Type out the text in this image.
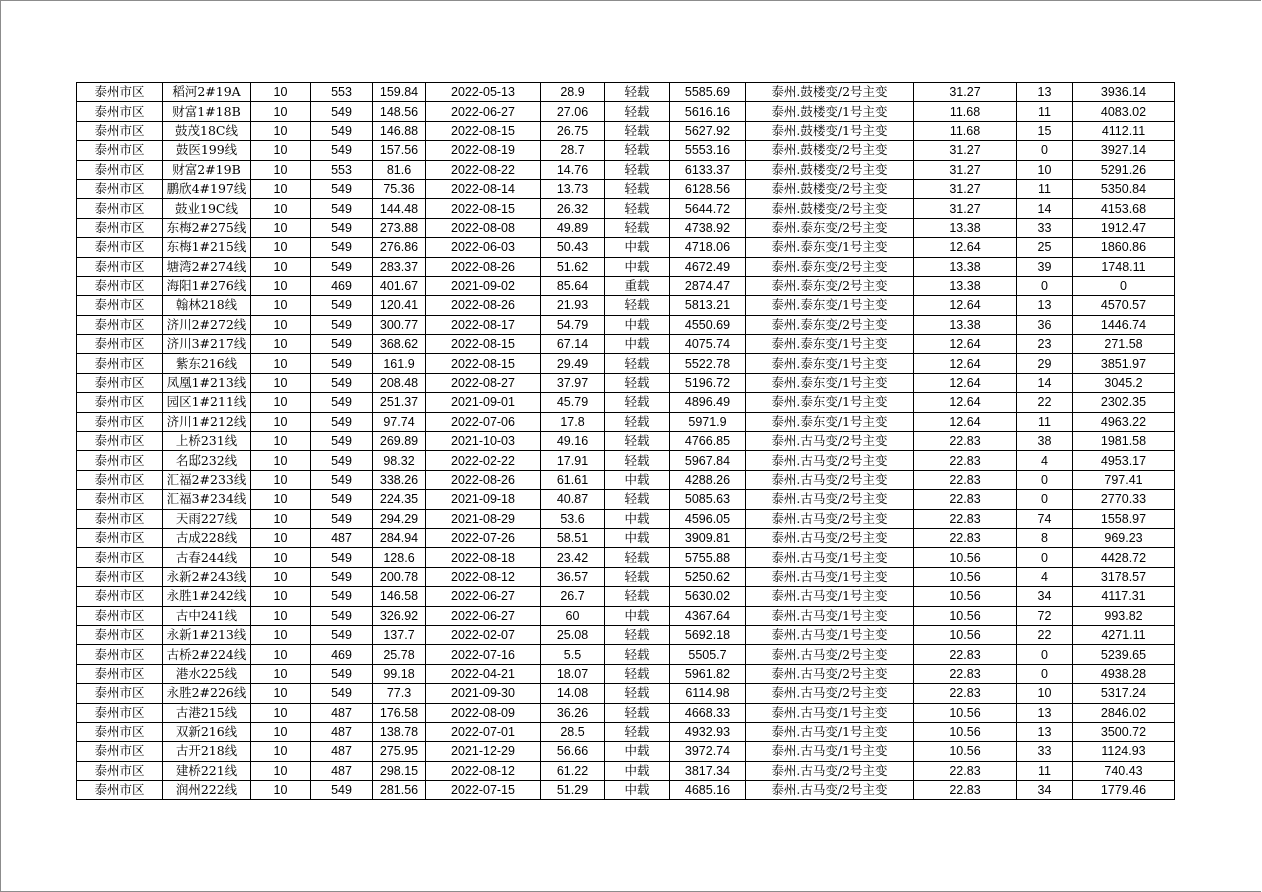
泰州市区	稻河2#19A	10	553	159.84	2022-05-13	28.9	轻载	5585.69	泰州.鼓楼变/2号主变	31.27	13	3936.14
泰州市区	财富1#18B	10	549	148.56	2022-06-27	27.06	轻载	5616.16	泰州.鼓楼变/1号主变	11.68	11	4083.02
泰州市区	鼓茂18C线	10	549	146.88	2022-08-15	26.75	轻载	5627.92	泰州.鼓楼变/1号主变	11.68	15	4112.11
泰州市区	鼓医199线	10	549	157.56	2022-08-19	28.7	轻载	5553.16	泰州.鼓楼变/2号主变	31.27	0	3927.14
泰州市区	财富2#19B	10	553	81.6	2022-08-22	14.76	轻载	6133.37	泰州.鼓楼变/2号主变	31.27	10	5291.26
泰州市区	鹏欣4#197线	10	549	75.36	2022-08-14	13.73	轻载	6128.56	泰州.鼓楼变/2号主变	31.27	11	5350.84
泰州市区	鼓业19C线	10	549	144.48	2022-08-15	26.32	轻载	5644.72	泰州.鼓楼变/2号主变	31.27	14	4153.68
泰州市区	东梅2#275线	10	549	273.88	2022-08-08	49.89	轻载	4738.92	泰州.泰东变/2号主变	13.38	33	1912.47
泰州市区	东梅1#215线	10	549	276.86	2022-06-03	50.43	中载	4718.06	泰州.泰东变/1号主变	12.64	25	1860.86
泰州市区	塘湾2#274线	10	549	283.37	2022-08-26	51.62	中载	4672.49	泰州.泰东变/2号主变	13.38	39	1748.11
泰州市区	海阳1#276线	10	469	401.67	2021-09-02	85.64	重载	2874.47	泰州.泰东变/2号主变	13.38	0	0
泰州市区	翰林218线	10	549	120.41	2022-08-26	21.93	轻载	5813.21	泰州.泰东变/1号主变	12.64	13	4570.57
泰州市区	济川2#272线	10	549	300.77	2022-08-17	54.79	中载	4550.69	泰州.泰东变/2号主变	13.38	36	1446.74
泰州市区	济川3#217线	10	549	368.62	2022-08-15	67.14	中载	4075.74	泰州.泰东变/1号主变	12.64	23	271.58
泰州市区	紫东216线	10	549	161.9	2022-08-15	29.49	轻载	5522.78	泰州.泰东变/1号主变	12.64	29	3851.97
泰州市区	凤凰1#213线	10	549	208.48	2022-08-27	37.97	轻载	5196.72	泰州.泰东变/1号主变	12.64	14	3045.2
泰州市区	园区1#211线	10	549	251.37	2021-09-01	45.79	轻载	4896.49	泰州.泰东变/1号主变	12.64	22	2302.35
泰州市区	济川1#212线	10	549	97.74	2022-07-06	17.8	轻载	5971.9	泰州.泰东变/1号主变	12.64	11	4963.22
泰州市区	上桥231线	10	549	269.89	2021-10-03	49.16	轻载	4766.85	泰州.古马变/2号主变	22.83	38	1981.58
泰州市区	名邸232线	10	549	98.32	2022-02-22	17.91	轻载	5967.84	泰州.古马变/2号主变	22.83	4	4953.17
泰州市区	汇福2#233线	10	549	338.26	2022-08-26	61.61	中载	4288.26	泰州.古马变/2号主变	22.83	0	797.41
泰州市区	汇福3#234线	10	549	224.35	2021-09-18	40.87	轻载	5085.63	泰州.古马变/2号主变	22.83	0	2770.33
泰州市区	天雨227线	10	549	294.29	2021-08-29	53.6	中载	4596.05	泰州.古马变/2号主变	22.83	74	1558.97
泰州市区	古成228线	10	487	284.94	2022-07-26	58.51	中载	3909.81	泰州.古马变/2号主变	22.83	8	969.23
泰州市区	古春244线	10	549	128.6	2022-08-18	23.42	轻载	5755.88	泰州.古马变/1号主变	10.56	0	4428.72
泰州市区	永新2#243线	10	549	200.78	2022-08-12	36.57	轻载	5250.62	泰州.古马变/1号主变	10.56	4	3178.57
泰州市区	永胜1#242线	10	549	146.58	2022-06-27	26.7	轻载	5630.02	泰州.古马变/1号主变	10.56	34	4117.31
泰州市区	古中241线	10	549	326.92	2022-06-27	60	中载	4367.64	泰州.古马变/1号主变	10.56	72	993.82
泰州市区	永新1#213线	10	549	137.7	2022-02-07	25.08	轻载	5692.18	泰州.古马变/1号主变	10.56	22	4271.11
泰州市区	古桥2#224线	10	469	25.78	2022-07-16	5.5	轻载	5505.7	泰州.古马变/2号主变	22.83	0	5239.65
泰州市区	港水225线	10	549	99.18	2022-04-21	18.07	轻载	5961.82	泰州.古马变/2号主变	22.83	0	4938.28
泰州市区	永胜2#226线	10	549	77.3	2021-09-30	14.08	轻载	6114.98	泰州.古马变/2号主变	22.83	10	5317.24
泰州市区	古港215线	10	487	176.58	2022-08-09	36.26	轻载	4668.33	泰州.古马变/1号主变	10.56	13	2846.02
泰州市区	双新216线	10	487	138.78	2022-07-01	28.5	轻载	4932.93	泰州.古马变/1号主变	10.56	13	3500.72
泰州市区	古开218线	10	487	275.95	2021-12-29	56.66	中载	3972.74	泰州.古马变/1号主变	10.56	33	1124.93
泰州市区	建桥221线	10	487	298.15	2022-08-12	61.22	中载	3817.34	泰州.古马变/2号主变	22.83	11	740.43
泰州市区	润州222线	10	549	281.56	2022-07-15	51.29	中载	4685.16	泰州.古马变/2号主变	22.83	34	1779.46
